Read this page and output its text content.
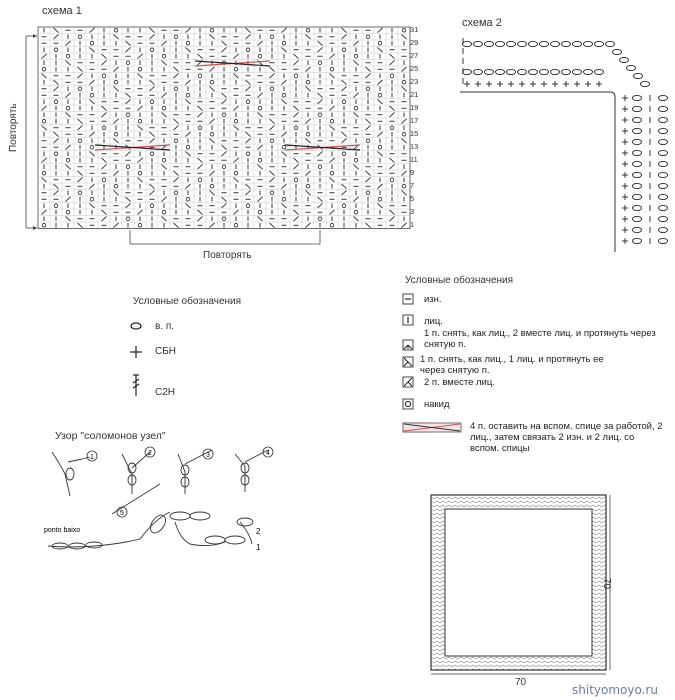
схема 1
Повторять
Повторять
31
29
27
25
23
21
19
17
15
13
11
9
7
5
3
1
схема 2
Условные обозначения
в. п.
СБН
С2Н
Условные обозначения
изн.
лиц.
1 п. снять, как лиц., 2 вместе лиц. и протянуть через снятую п.
1 п. снять, как лиц., 1 лиц. и протянуть ее через снятую п.
2 п. вместе лиц.
накид
4 п. оставить на вспом. спице за работой, 2 лиц., затем связать 2 изн. и 2 лиц. со вспом. спицы
Узор "соломонов узел"
1
2	3	4
5
ponto baixo	2
1
70
70
shityomoyo.ru
